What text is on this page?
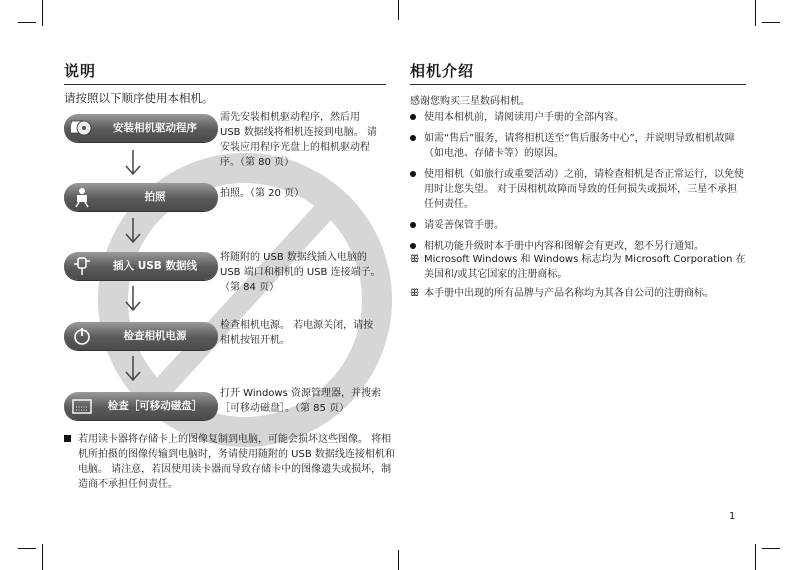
说明
请按照以下顺序使用本相机。
安装相机驱动程序
需先安装相机驱动程序，然后用 USB 数据线将相机连接到电脑。 请安装应用程序光盘上的相机驱动程序。（第 80 页）
拍照	拍照。（第 20 页）
插入 USB 数据线
将随附的 USB 数据线插入电脑的 USB 端口和相机的 USB 连接端子。（第 84 页）
检查相机电源
检查相机电源。 若电源关闭，请按相机按钮开机。
检查［可移动磁盘］
打开 Windows 资源管理器，并搜索［可移动磁盘］。（第 85 页）
若用读卡器将存储卡上的图像复制到电脑，可能会损坏这些图像。 将相机所拍摄的图像传输到电脑时，务请使用随附的 USB 数据线连接相机和电脑。 请注意，若因使用读卡器而导致存储卡中的图像遗失或损坏，制造商不承担任何责任。
相机介绍
感谢您购买三星数码相机。
使用本相机前，请阅读用户手册的全部内容。
如需“售后”服务，请将相机送至“售后服务中心”，并说明导致相机故障（如电池、存储卡等）的原因。
使用相机（如旅行或重要活动）之前，请检查相机是否正常运行，以免使用时让您失望。 对于因相机故障而导致的任何损失或损坏，三星不承担任何责任。
请妥善保管手册。
相机功能升级时本手册中内容和图解会有更改，恕不另行通知。
ꕥ Microsoft Windows 和 Windows 标志均为 Microsoft Corporation 在美国和/或其它国家的注册商标。
ꕥ 本手册中出现的所有品牌与产品名称均为其各自公司的注册商标。
1
